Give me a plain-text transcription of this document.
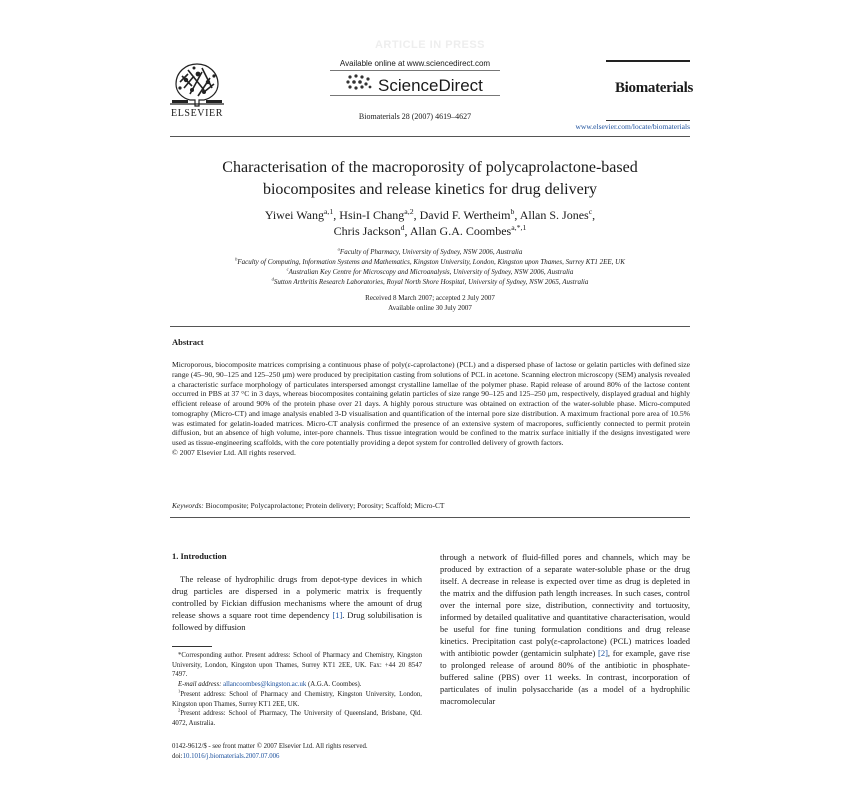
ARTICLE IN PRESS
ELSEVIER
Available online at www.sciencedirect.com
ScienceDirect
Biomaterials 28 (2007) 4619–4627
Biomaterials
www.elsevier.com/locate/biomaterials
Characterisation of the macroporosity of polycaprolactone-based
biocomposites and release kinetics for drug delivery
Yiwei Wang$^{a,1}$, Hsin-I Chang$^{a,2}$, David F. Wertheim$^b$, Allan S. Jones$^c$,
Chris Jackson$^d$, Allan G.A. Coombes$^{a,*,1}$
$^a$Faculty of Pharmacy, University of Sydney, NSW 2006, Australia
$^b$Faculty of Computing, Information Systems and Mathematics, Kingston University, London, Kingston upon Thames, Surrey KT1 2EE, UK
$^c$Australian Key Centre for Microscopy and Microanalysis, University of Sydney, NSW 2006, Australia
$^d$Sutton Arthritis Research Laboratories, Royal North Shore Hospital, University of Sydney, NSW 2065, Australia
Received 8 March 2007; accepted 2 July 2007
Available online 30 July 2007
Abstract
Microporous, biocomposite matrices comprising a continuous phase of poly(ε-caprolactone) (PCL) and a dispersed phase of lactose or gelatin particles with defined size range (45–90, 90–125 and 125–250 μm) were produced by precipitation casting from solutions of PCL in acetone. Scanning electron microscopy (SEM) analysis revealed a characteristic surface morphology of particulates interspersed amongst crystalline lamellae of the polymer phase. Rapid release of around 80% of the lactose content occurred in PBS at 37 °C in 3 days, whereas biocomposites containing gelatin particles of size range 90–125 and 125–250 μm, respectively, displayed gradual and highly efficient release of around 90% of the protein phase over 21 days. A highly porous structure was obtained on extraction of the water-soluble phase. Micro-computed tomography (Micro-CT) and image analysis enabled 3-D visualisation and quantification of the internal pore size distribution. A maximum fractional pore area of 10.5% was estimated for gelatin-loaded matrices. Micro-CT analysis confirmed the presence of an extensive system of macropores, sufficiently connected to permit protein diffusion, but an absence of high volume, inter-pore channels. Thus tissue integration would be confined to the matrix surface initially if the designs investigated were used as tissue-engineering scaffolds, with the core potentially providing a depot system for controlled delivery of growth factors.
© 2007 Elsevier Ltd. All rights reserved.
Keywords: Biocomposite; Polycaprolactone; Protein delivery; Porosity; Scaffold; Micro-CT
1. Introduction
The release of hydrophilic drugs from depot-type devices in which drug particles are dispersed in a polymeric matrix is frequently controlled by Fickian diffusion mechanisms where the amount of drug release shows a square root time dependency [1]. Drug solubilisation is followed by diffusion
through a network of fluid-filled pores and channels, which may be produced by extraction of a separate water-soluble phase or the drug itself. A decrease in release is expected over time as drug is depleted in the matrix and the diffusion path length increases. In such cases, control over the internal pore size, distribution, connectivity and tortuosity, informed by detailed qualitative and quantitative characterisation, would be useful for fine tuning formulation conditions and drug release kinetics. Precipitation cast poly(ε-caprolactone) (PCL) matrices loaded with antibiotic powder (gentamicin sulphate) [2], for example, gave rise to prolonged release of around 80% of the antibiotic in phosphate-buffered saline (PBS) over 11 weeks. In contrast, incorporation of particulates of inulin polysaccharide (as a model of a hydrophilic macromolecular

*Corresponding author. Present address: School of Pharmacy and Chemistry, Kingston University, London, Kingston upon Thames, Surrey KT1 2EE, UK. Fax: +44 20 8547 7497.

E-mail address: allancoombes@kingston.ac.uk (A.G.A. Coombes).

$^1$Present address: School of Pharmacy and Chemistry, Kingston University, London, Kingston upon Thames, Surrey KT1 2EE, UK.

$^2$Present address: School of Pharmacy, The University of Queensland, Brisbane, Qld. 4072, Australia.

0142-9612/$ - see front matter © 2007 Elsevier Ltd. All rights reserved.
doi:10.1016/j.biomaterials.2007.07.006
